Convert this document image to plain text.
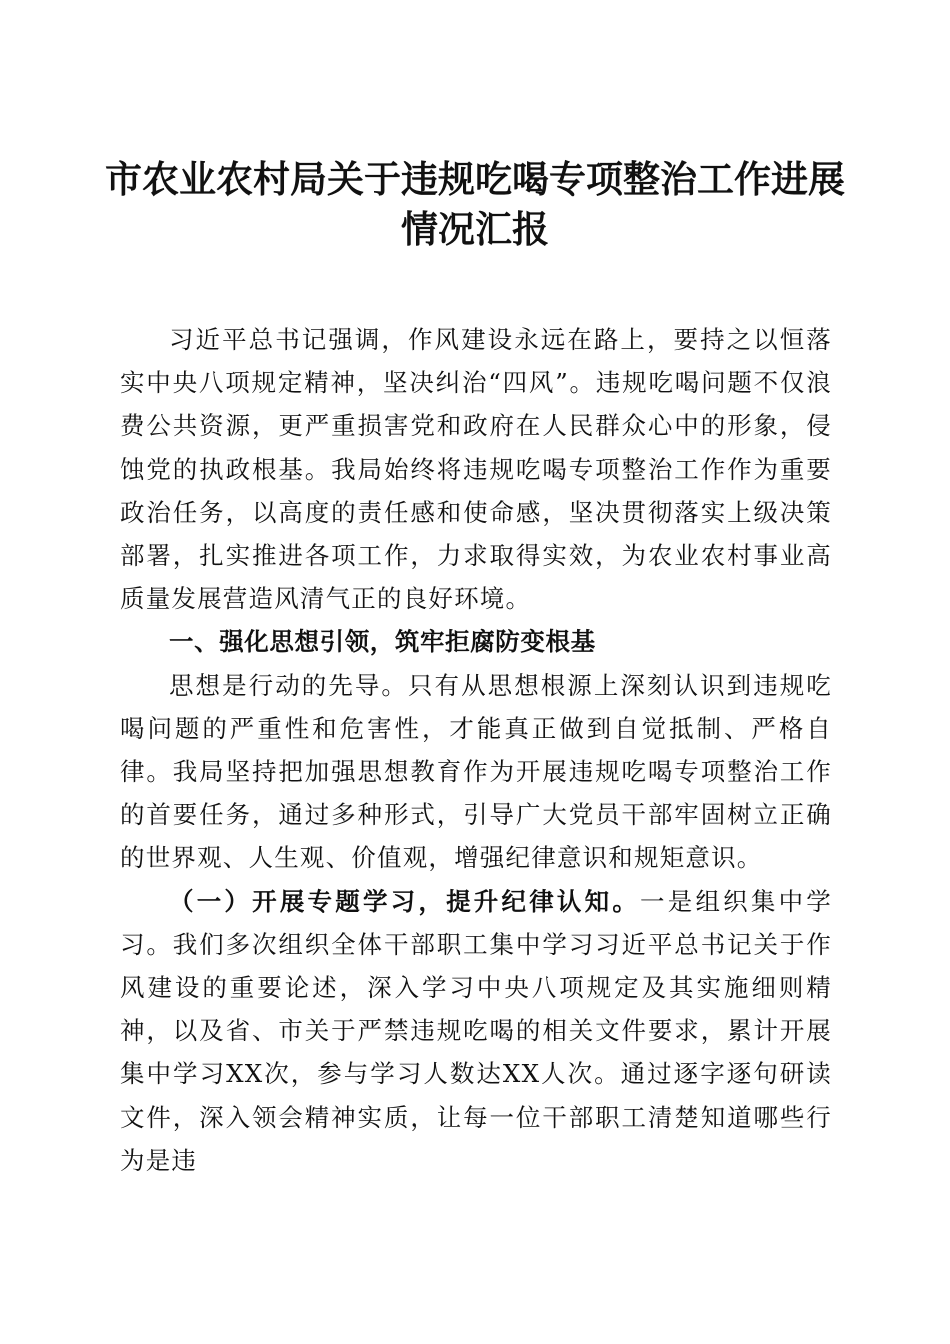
市农业农村局关于违规吃喝专项整治工作进展
情况汇报

习近平总书记强调，作风建设永远在路上，要持之以恒落实中央八项规定精神，坚决纠治“四风”。违规吃喝问题不仅浪费公共资源，更严重损害党和政府在人民群众心中的形象，侵蚀党的执政根基。我局始终将违规吃喝专项整治工作作为重要政治任务，以高度的责任感和使命感，坚决贯彻落实上级决策部署，扎实推进各项工作，力求取得实效，为农业农村事业高质量发展营造风清气正的良好环境。

一、强化思想引领，筑牢拒腐防变根基

思想是行动的先导。只有从思想根源上深刻认识到违规吃喝问题的严重性和危害性，才能真正做到自觉抵制、严格自律。我局坚持把加强思想教育作为开展违规吃喝专项整治工作的首要任务，通过多种形式，引导广大党员干部牢固树立正确的世界观、人生观、价值观，增强纪律意识和规矩意识。

（一）开展专题学习，提升纪律认知。一是组织集中学习。我们多次组织全体干部职工集中学习习近平总书记关于作风建设的重要论述，深入学习中央八项规定及其实施细则精神，以及省、市关于严禁违规吃喝的相关文件要求，累计开展集中学习XX次，参与学习人数达XX人次。通过逐字逐句研读文件，深入领会精神实质，让每一位干部职工清楚知道哪些行为是违
